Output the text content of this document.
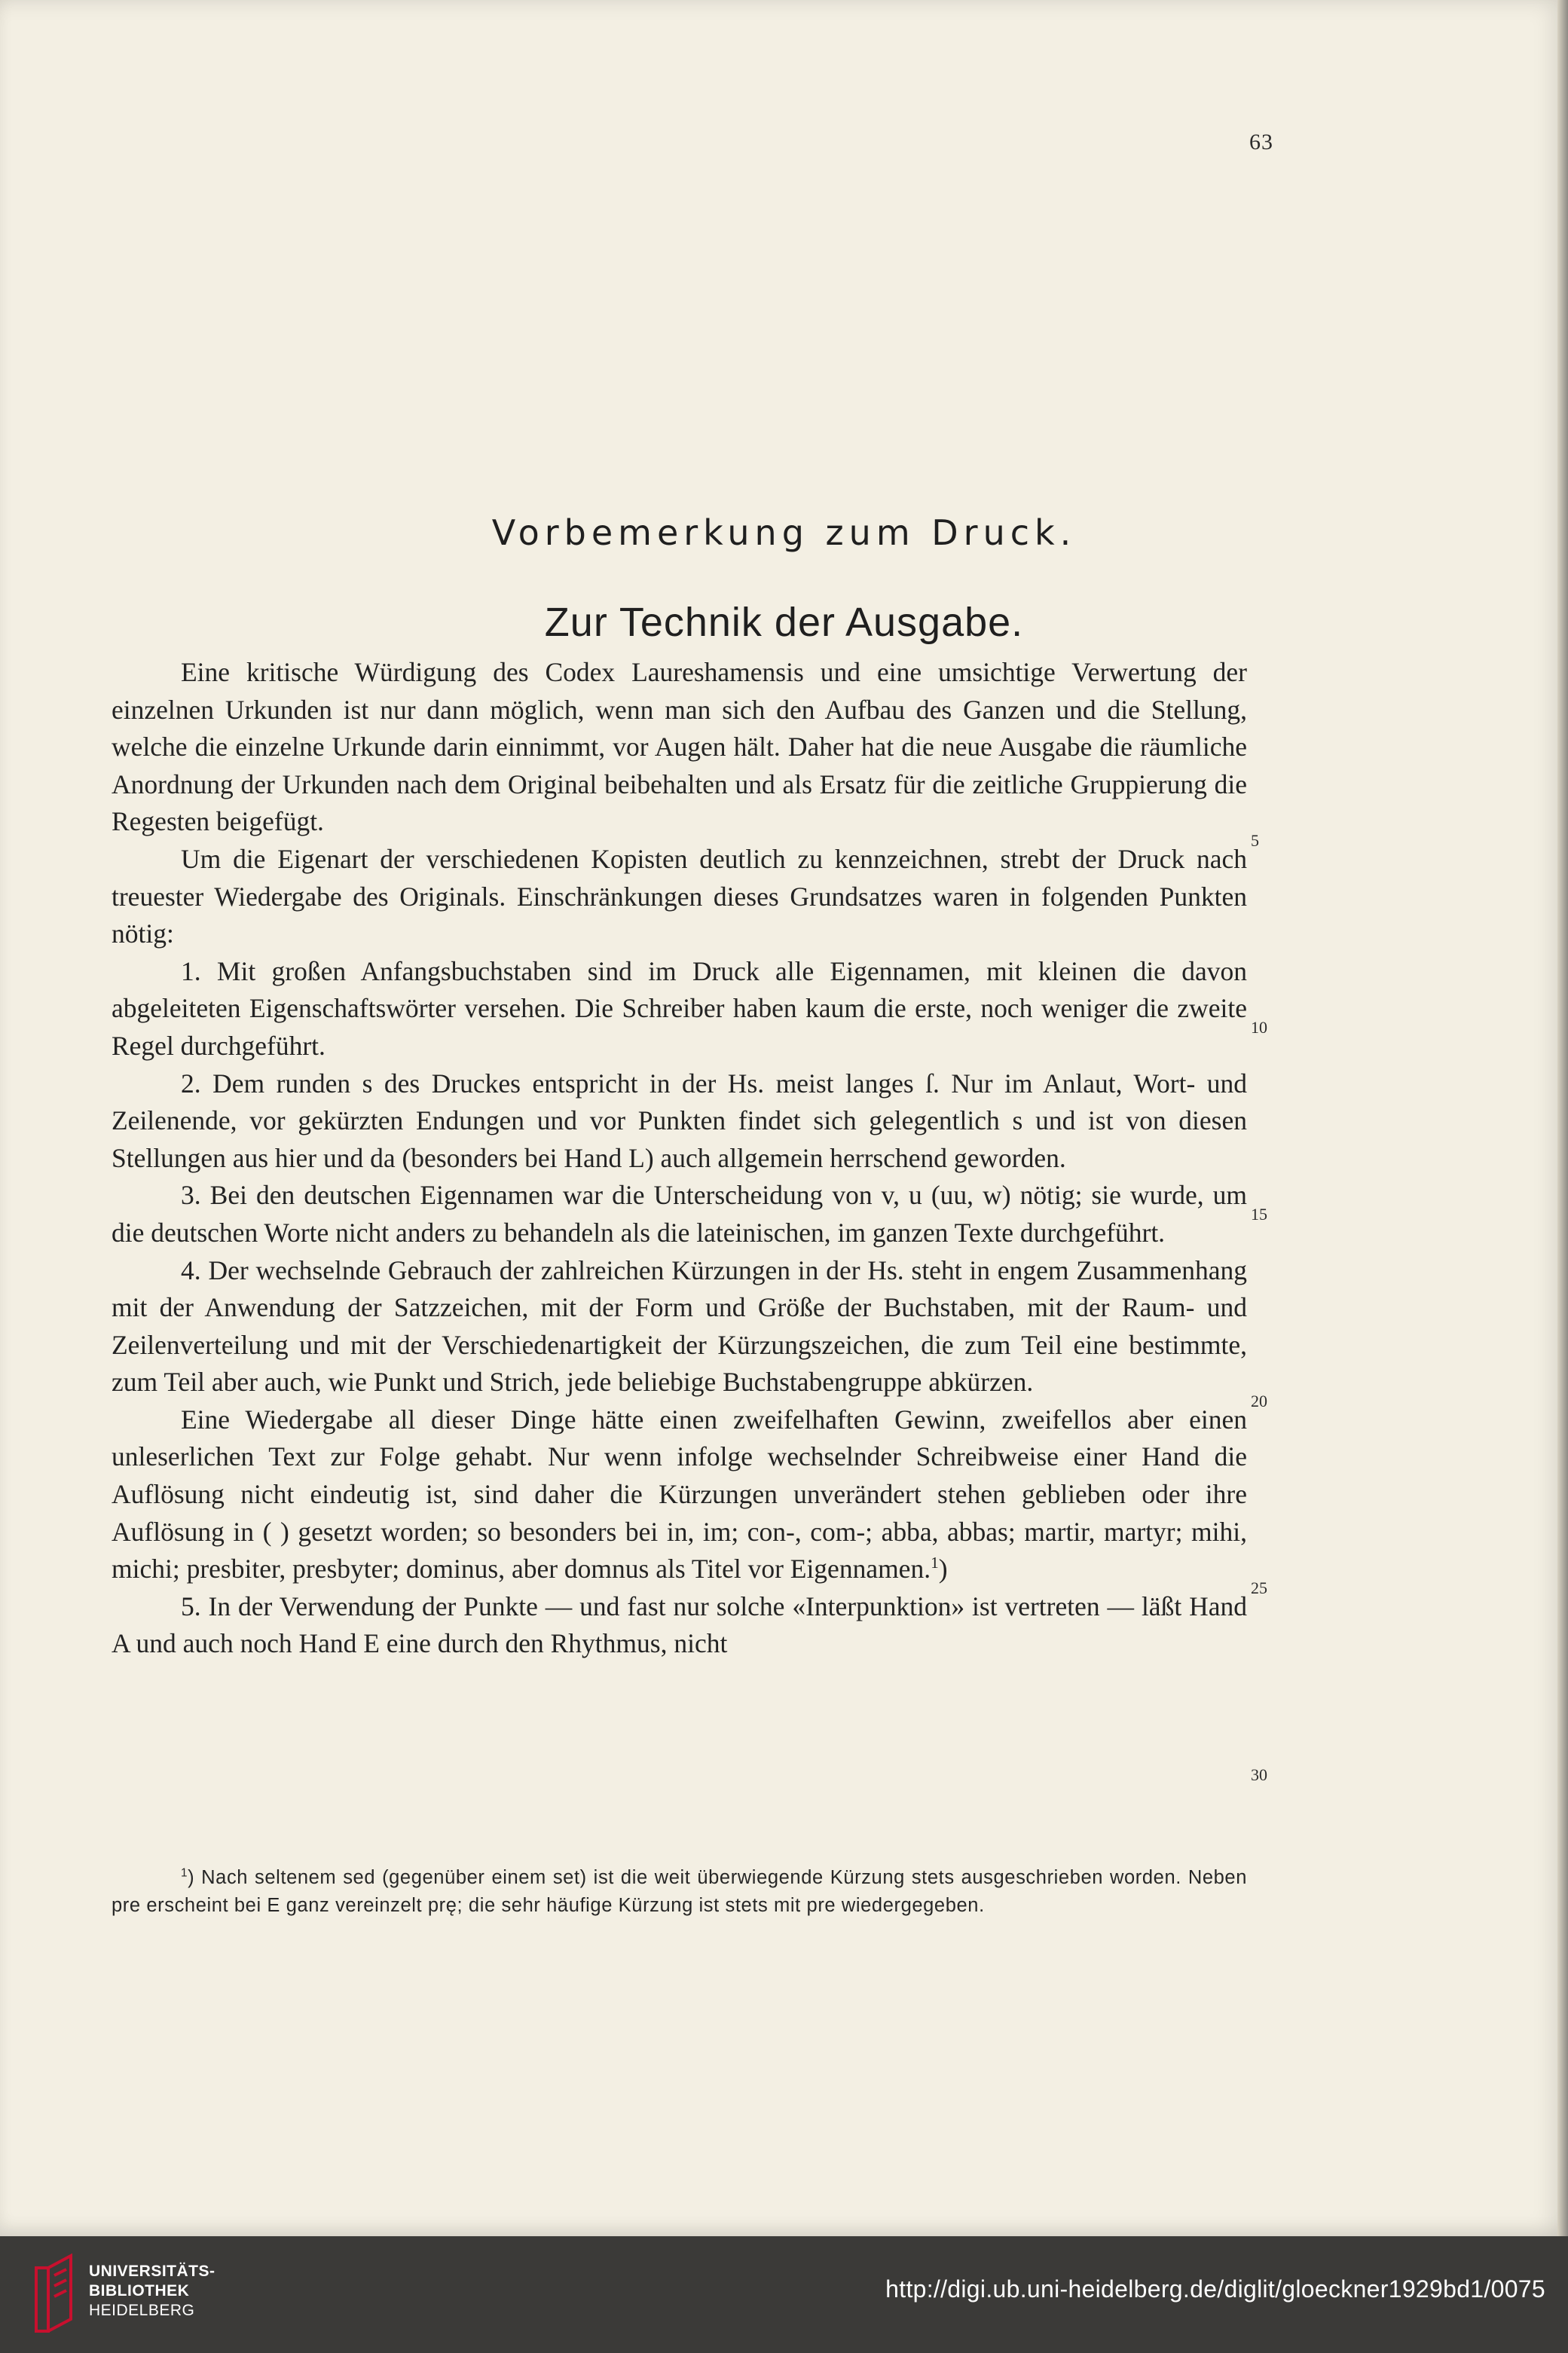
63
Vorbemerkung zum Druck.
Zur Technik der Ausgabe.

Eine kritische Würdigung des Codex Laureshamensis und eine umsichtige Verwertung der einzelnen Urkunden ist nur dann möglich, wenn man sich den Aufbau des Ganzen und die Stellung, welche die einzelne Urkunde darin einnimmt, vor Augen hält. Daher hat die neue Ausgabe die räumliche Anordnung der Urkunden nach dem Original beibehalten und als Ersatz für die zeitliche Gruppierung die Regesten beigefügt.

Um die Eigenart der verschiedenen Kopisten deutlich zu kennzeichnen, strebt der Druck nach treuester Wiedergabe des Originals. Einschränkungen dieses Grundsatzes waren in folgenden Punkten nötig:

1. Mit großen Anfangsbuchstaben sind im Druck alle Eigennamen, mit kleinen die davon abgeleiteten Eigenschaftswörter versehen. Die Schreiber haben kaum die erste, noch weniger die zweite Regel durchgeführt.

2. Dem runden s des Druckes entspricht in der Hs. meist langes ſ. Nur im Anlaut, Wort- und Zeilenende, vor gekürzten Endungen und vor Punkten findet sich gelegentlich s und ist von diesen Stellungen aus hier und da (besonders bei Hand L) auch allgemein herrschend geworden.

3. Bei den deutschen Eigennamen war die Unterscheidung von v, u (uu, w) nötig; sie wurde, um die deutschen Worte nicht anders zu behandeln als die lateinischen, im ganzen Texte durchgeführt.

4. Der wechselnde Gebrauch der zahlreichen Kürzungen in der Hs. steht in engem Zusammenhang mit der Anwendung der Satzzeichen, mit der Form und Größe der Buchstaben, mit der Raum- und Zeilenverteilung und mit der Verschiedenartigkeit der Kürzungszeichen, die zum Teil eine bestimmte, zum Teil aber auch, wie Punkt und Strich, jede beliebige Buchstabengruppe abkürzen.

Eine Wiedergabe all dieser Dinge hätte einen zweifelhaften Gewinn, zweifellos aber einen unleserlichen Text zur Folge gehabt. Nur wenn infolge wechselnder Schreibweise einer Hand die Auflösung nicht eindeutig ist, sind daher die Kürzungen unverändert stehen geblieben oder ihre Auflösung in ( ) gesetzt worden; so besonders bei in, im; con-, com-; abba, abbas; martir, martyr; mihi, michi; presbiter, presbyter; dominus, aber domnus als Titel vor Eigennamen.$^1$)

5. In der Verwendung der Punkte — und fast nur solche «Interpunktion» ist vertreten — läßt Hand A und auch noch Hand E eine durch den Rhythmus, nicht

5
10
15
20
25
30
$^1$) Nach seltenem sed (gegenüber einem set) ist die weit überwiegende Kürzung stets ausgeschrieben worden. Neben pre erscheint bei E ganz vereinzelt prę; die sehr häufige Kürzung ist stets mit pre wiedergegeben.
UNIVERSITÄTS-
BIBLIOTHEK
HEIDELBERG
http://digi.ub.uni-heidelberg.de/diglit/gloeckner1929bd1/0075
